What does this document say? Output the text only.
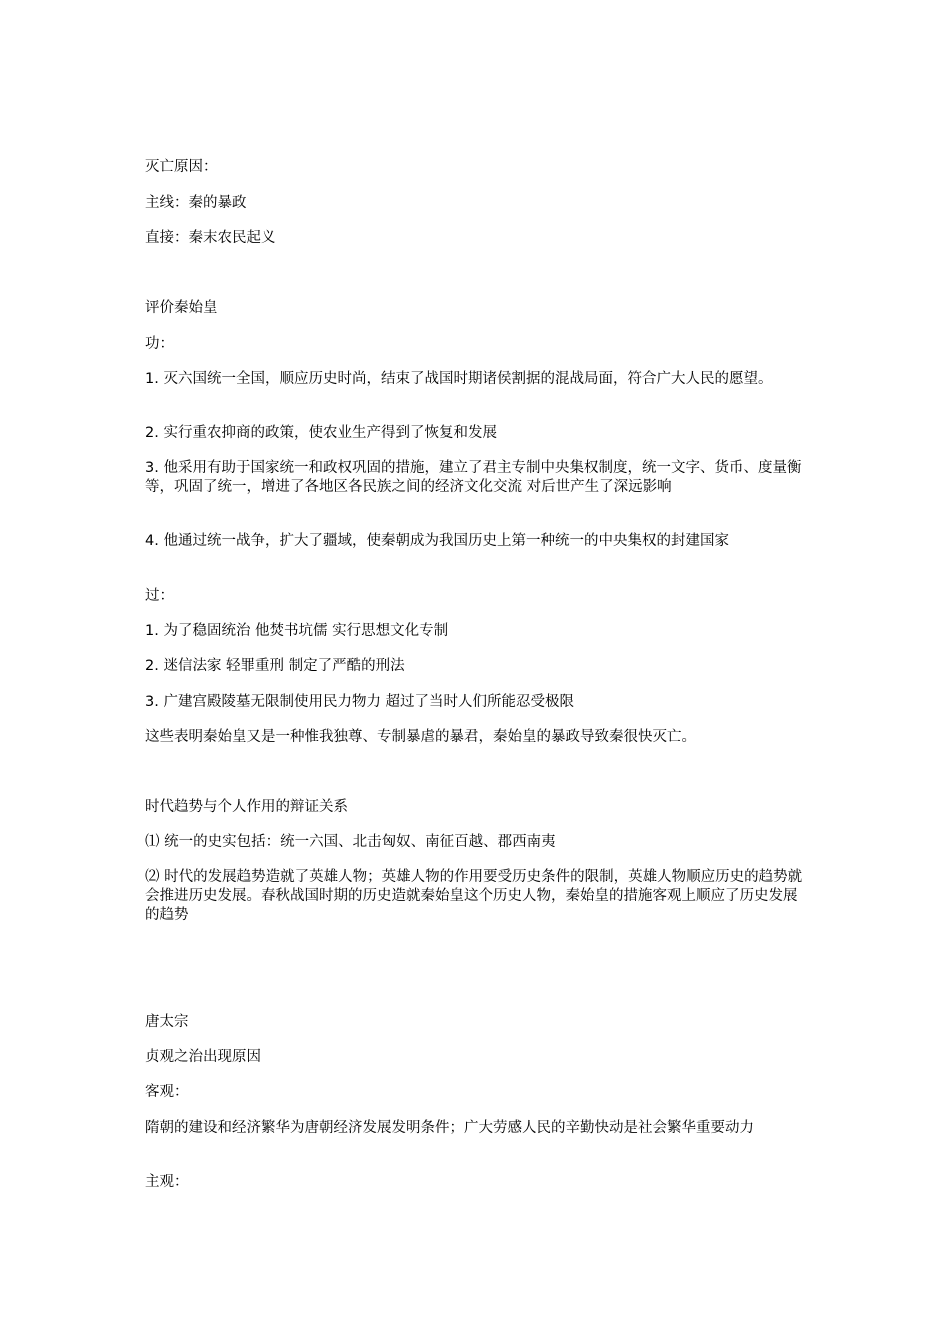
灭亡原因：

主线：秦的暴政

直接：秦末农民起义

评价秦始皇

功：

1. 灭六国统一全国，顺应历史时尚，结束了战国时期诸侯割据的混战局面，符合广大人民的愿望。

2. 实行重农抑商的政策，使农业生产得到了恢复和发展

3. 他采用有助于国家统一和政权巩固的措施，建立了君主专制中央集权制度，统一文字、货币、度量衡等，巩固了统一，增进了各地区各民族之间的经济文化交流 对后世产生了深远影响

4. 他通过统一战争，扩大了疆域，使秦朝成为我国历史上第一种统一的中央集权的封建国家

过：

1. 为了稳固统治 他焚书坑儒 实行思想文化专制

2. 迷信法家 轻罪重刑 制定了严酷的刑法

3. 广建宫殿陵墓无限制使用民力物力 超过了当时人们所能忍受极限

这些表明秦始皇又是一种惟我独尊、专制暴虐的暴君，秦始皇的暴政导致秦很快灭亡。

时代趋势与个人作用的辩证关系

⑴ 统一的史实包括：统一六国、北击匈奴、南征百越、郡西南夷

⑵ 时代的发展趋势造就了英雄人物；英雄人物的作用要受历史条件的限制，英雄人物顺应历史的趋势就会推进历史发展。春秋战国时期的历史造就秦始皇这个历史人物，秦始皇的措施客观上顺应了历史发展的趋势

唐太宗

贞观之治出现原因

客观：

隋朝的建设和经济繁华为唐朝经济发展发明条件；广大劳感人民的辛勤快动是社会繁华重要动力

主观：
